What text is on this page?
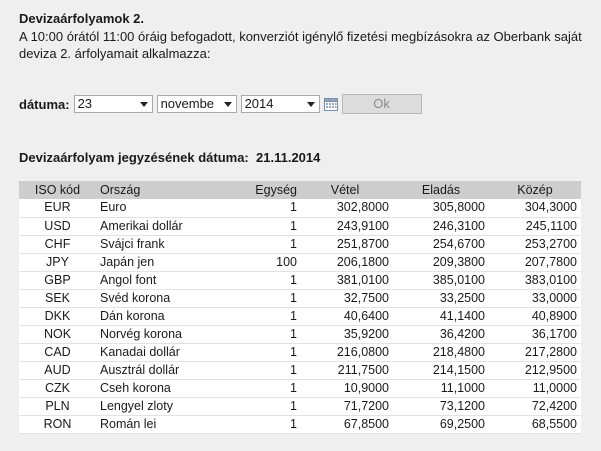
Devizaárfolyamok 2.
A 10:00 órától 11:00 óráig befogadott, konverziót igénylő fizetési megbízásokra az Oberbank saját deviza 2. árfolyamait alkalmazza:
dátuma: 23	novembe	2014	Ok
Devizaárfolyam jegyzésének dátuma: 21.11.2014
ISO kód	Ország	Egység	Vétel	Eladás	Közép
EUR	Euro	1	302,8000	305,8000	304,3000
USD	Amerikai dollár	1	243,9100	246,3100	245,1100
CHF	Svájci frank	1	251,8700	254,6700	253,2700
JPY	Japán jen	100	206,1800	209,3800	207,7800
GBP	Angol font	1	381,0100	385,0100	383,0100
SEK	Svéd korona	1	32,7500	33,2500	33,0000
DKK	Dán korona	1	40,6400	41,1400	40,8900
NOK	Norvég korona	1	35,9200	36,4200	36,1700
CAD	Kanadai dollár	1	216,0800	218,4800	217,2800
AUD	Ausztrál dollár	1	211,7500	214,1500	212,9500
CZK	Cseh korona	1	10,9000	11,1000	11,0000
PLN	Lengyel zloty	1	71,7200	73,1200	72,4200
RON	Román lei	1	67,8500	69,2500	68,5500
